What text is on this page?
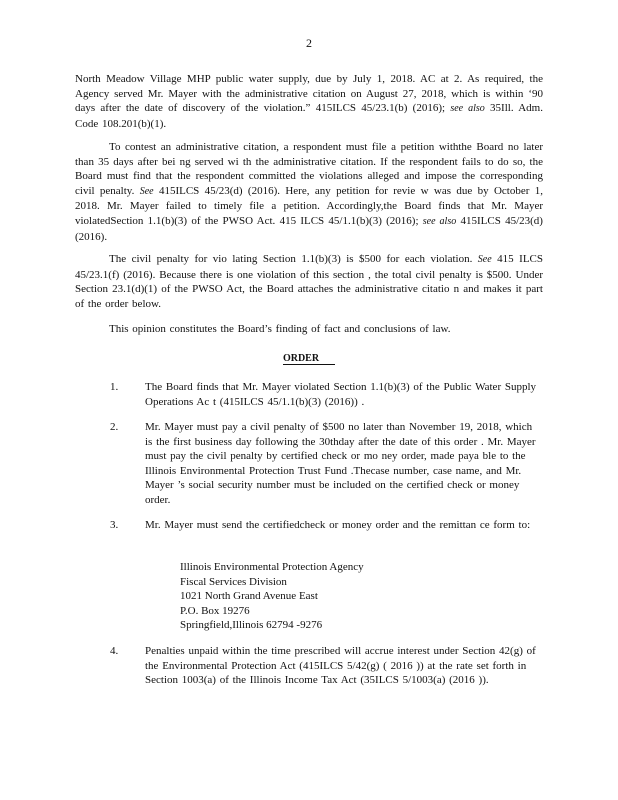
2

North Meadow Village MHP public water supply, due by July 1, 2018. AC at 2. As required, the Agency served Mr. Mayer with the administrative citation on August 27, 2018, which is within ‘90 days after the date of discovery of the violation.” 415ILCS 45/23.1(b) (2016); see also 35Ill. Adm. Code 108.201(b)(1).

To contest an administrative citation, a respondent must file a petition withthe Board no later than 35 days after bei ng served wi th the administrative citation. If the respondent fails to do so, the Board must find that the respondent committed the violations alleged and impose the corresponding civil penalty. See 415ILCS 45/23(d) (2016). Here, any petition for revie w was due by October 1, 2018. Mr. Mayer failed to timely file a petition. Accordingly,the Board finds that Mr. Mayer violatedSection 1.1(b)(3) of the PWSO Act. 415 ILCS 45/1.1(b)(3) (2016); see also 415ILCS 45/23(d) (2016).

The civil penalty for vio lating Section 1.1(b)(3) is $500 for each violation. See 415 ILCS 45/23.1(f) (2016). Because there is one violation of this section , the total civil penalty is $500. Under Section 23.1(d)(1) of the PWSO Act, the Board attaches the administrative citatio n and makes it part of the order below.

This opinion constitutes the Board’s finding of fact and conclusions of law.

ORDER
1. The Board finds that Mr. Mayer violated Section 1.1(b)(3) of the Public Water Supply Operations Ac t (415ILCS 45/1.1(b)(3) (2016)) .
2. Mr. Mayer must pay a civil penalty of $500 no later than November 19, 2018, which is the first business day following the 30thday after the date of this order . Mr. Mayer must pay the civil penalty by certified check or mo ney order, made paya ble to the Illinois Environmental Protection Trust Fund .Thecase number, case name, and Mr. Mayer ’s social security number must be included on the certified check or money order.
3. Mr. Mayer must send the certifiedcheck or money order and the remittan ce form to:
Illinois Environmental Protection Agency
Fiscal Services Division
1021 North Grand Avenue East
P.O. Box 19276
Springfield,Illinois 62794 -9276
4. Penalties unpaid within the time prescribed will accrue interest under Section 42(g) of the Environmental Protection Act (415ILCS 5/42(g) ( 2016 )) at the rate set forth in Section 1003(a) of the Illinois Income Tax Act (35ILCS 5/1003(a) (2016 )).
